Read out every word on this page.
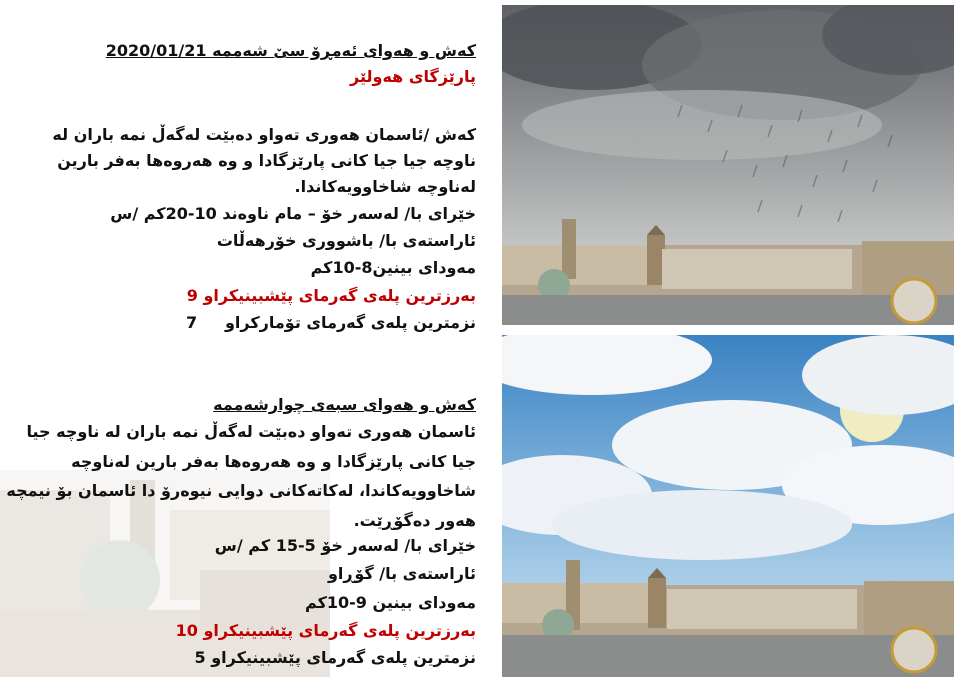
کەش و هەوای ئەمڕۆ سێ شەممە 2020/01/21
پارێزگای هەولێر
کەش /ئاسمان هەوری تەواو دەبێت لەگەڵ نمە باران لە
ناوچە جیا جیا کانی پارێزگادا و وە هەروەها بەفر بارین
لەناوچە شاخاوویەکاندا.
خێرای با/ لەسەر خۆ – مام ناوەند 10-20کم /س
ئاراستەی با/ باشووری خۆرهەڵات
مەودای بینین8-10کم
بەرزترین پلەی گەرمای پێشبینیکراو 9
نزمترین پلەی گەرمای تۆمارکراو     7
کەش و هەوای سبەی چوارشەممە
ئاسمان هەوری تەواو دەبێت لەگەڵ نمە باران لە ناوچە جیا
جیا کانی پارێزگادا و وە هەروەها بەفر بارین لەناوچە
شاخاوویەکاندا، لەکاتەکانی دوایی نیوەرۆ دا ئاسمان بۆ نیمچە
هەور دەگۆڕێت.
خێرای با/ لەسەر خۆ 5-15 کم /س
ئاراستەی با/ گۆڕاو
مەودای بینین 9-10کم
بەرزترین پلەی گەرمای پێشبینیکراو 10
نزمترین پلەی گەرمای پێشبینیکراو 5
